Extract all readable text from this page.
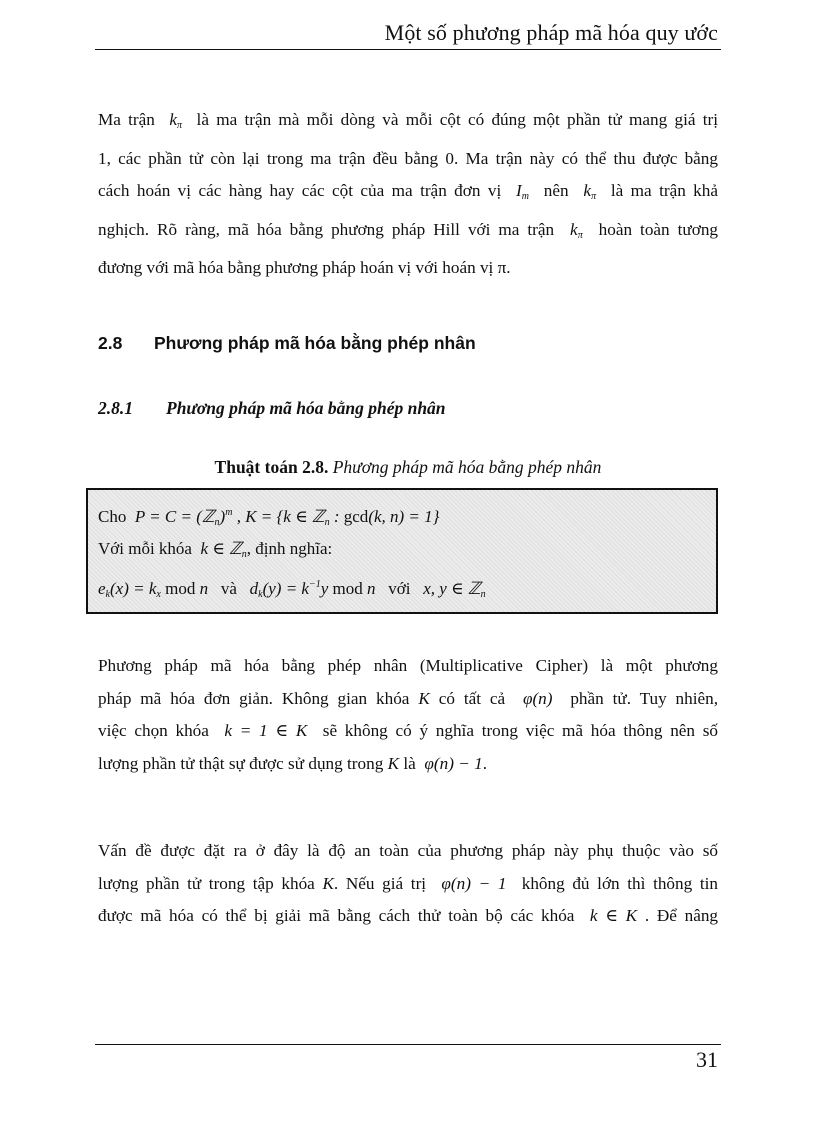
Một số phương pháp mã hóa quy ước
Ma trận $k_\pi$ là ma trận mà mỗi dòng và mỗi cột có đúng một phần tử mang giá trị
1, các phần tử còn lại trong ma trận đều bằng 0. Ma trận này có thể thu được bằng
cách hoán vị các hàng hay các cột của ma trận đơn vị $I_m$ nên $k_\pi$ là ma trận khả
nghịch. Rõ ràng, mã hóa bằng phương pháp Hill với ma trận $k_\pi$ hoàn toàn tương
đương với mã hóa bằng phương pháp hoán vị với hoán vị π.
2.8 Phương pháp mã hóa bằng phép nhân
2.8.1 Phương pháp mã hóa bằng phép nhân
Thuật toán 2.8. Phương pháp mã hóa bằng phép nhân
Cho P = C = (ℤ$_n$)$^m$ , K = {k ∈ ℤ$_n$ : gcd(k, n) = 1}
Với mỗi khóa k ∈ ℤ$_n$, định nghĩa:
$e_k(x) = k_x$ mod n và $d_k(y) = k^{-1}y$ mod n với x, y ∈ ℤ$_n$
Phương pháp mã hóa bằng phép nhân (Multiplicative Cipher) là một phương
pháp mã hóa đơn giản. Không gian khóa K có tất cả φ(n) phần tử. Tuy nhiên,
việc chọn khóa k = 1 ∈ K sẽ không có ý nghĩa trong việc mã hóa thông nên số
lượng phần tử thật sự được sử dụng trong K là φ(n) − 1.
Vấn đề được đặt ra ở đây là độ an toàn của phương pháp này phụ thuộc vào số
lượng phần tử trong tập khóa K. Nếu giá trị φ(n) − 1 không đủ lớn thì thông tin
được mã hóa có thể bị giải mã bằng cách thử toàn bộ các khóa k ∈ K . Để nâng
31
